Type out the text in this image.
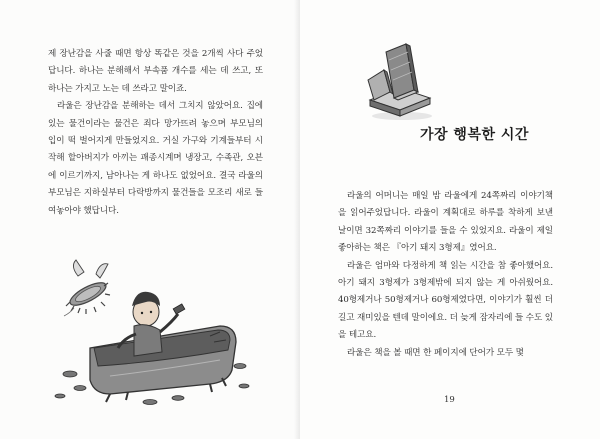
제 장난감을 사줄 때면 항상 똑같은 것을 2개씩 사다 주었답니다. 하나는 분해해서 부속품 개수를 세는 데 쓰고, 또 하나는 가지고 노는 데 쓰라고 말이죠.

라울은 장난감을 분해하는 데서 그치지 않았어요. 집에 있는 물건이라는 물건은 죄다 망가뜨려 놓으며 부모님의 입이 떡 벌어지게 만들었지요. 거실 가구와 기계들부터 시작해 할아버지가 아끼는 괘종시계며 냉장고, 수족관, 오븐에 이르기까지, 남아나는 게 하나도 없었어요. 결국 라울의 부모님은 지하실부터 다락방까지 물건들을 모조리 새로 들여놓아야 했답니다.

가장 행복한 시간

라울의 어머니는 매일 밤 라울에게 24쪽짜리 이야기책을 읽어주었답니다. 라울이 계획대로 하루를 착하게 보낸 날이면 32쪽짜리 이야기를 들을 수 있었지요. 라울이 제일 좋아하는 책은 『아기 돼지 3형제』였어요.

라울은 엄마와 다정하게 책 읽는 시간을 참 좋아했어요. 아기 돼지 3형제가 3형제밖에 되지 않는 게 아쉬웠어요. 40형제거나 50형제거나 60형제였다면, 이야기가 훨씬 더 길고 재미있을 텐데 말이에요. 더 늦게 잠자리에 들 수도 있을 테고요.

라울은 책을 볼 때면 한 페이지에 단어가 모두 몇

19
